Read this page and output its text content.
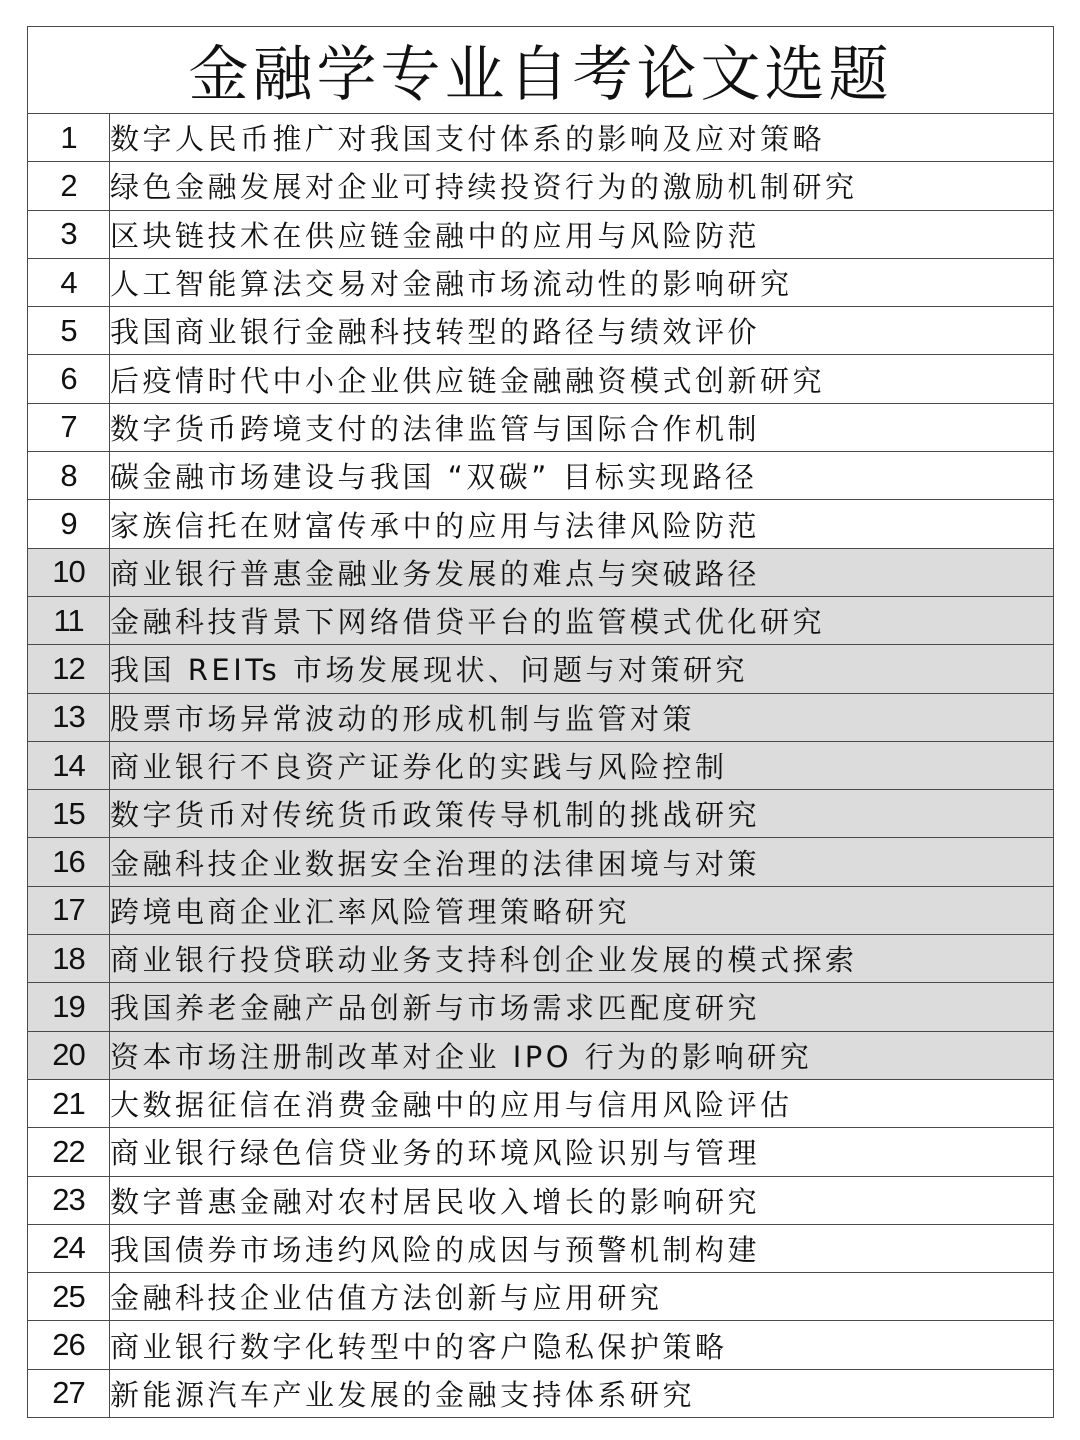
金融学专业自考论文选题	
1	数字人民币推广对我国支付体系的影响及应对策略
2	绿色金融发展对企业可持续投资行为的激励机制研究
3	区块链技术在供应链金融中的应用与风险防范
4	人工智能算法交易对金融市场流动性的影响研究
5	我国商业银行金融科技转型的路径与绩效评价
6	后疫情时代中小企业供应链金融融资模式创新研究
7	数字货币跨境支付的法律监管与国际合作机制
8	碳金融市场建设与我国 “双碳” 目标实现路径
9	家族信托在财富传承中的应用与法律风险防范
10	商业银行普惠金融业务发展的难点与突破路径
11	金融科技背景下网络借贷平台的监管模式优化研究
12	我国 REITs 市场发展现状、问题与对策研究
13	股票市场异常波动的形成机制与监管对策
14	商业银行不良资产证券化的实践与风险控制
15	数字货币对传统货币政策传导机制的挑战研究
16	金融科技企业数据安全治理的法律困境与对策
17	跨境电商企业汇率风险管理策略研究
18	商业银行投贷联动业务支持科创企业发展的模式探索
19	我国养老金融产品创新与市场需求匹配度研究
20	资本市场注册制改革对企业 IPO 行为的影响研究
21	大数据征信在消费金融中的应用与信用风险评估
22	商业银行绿色信贷业务的环境风险识别与管理
23	数字普惠金融对农村居民收入增长的影响研究
24	我国债券市场违约风险的成因与预警机制构建
25	金融科技企业估值方法创新与应用研究
26	商业银行数字化转型中的客户隐私保护策略
27	新能源汽车产业发展的金融支持体系研究
